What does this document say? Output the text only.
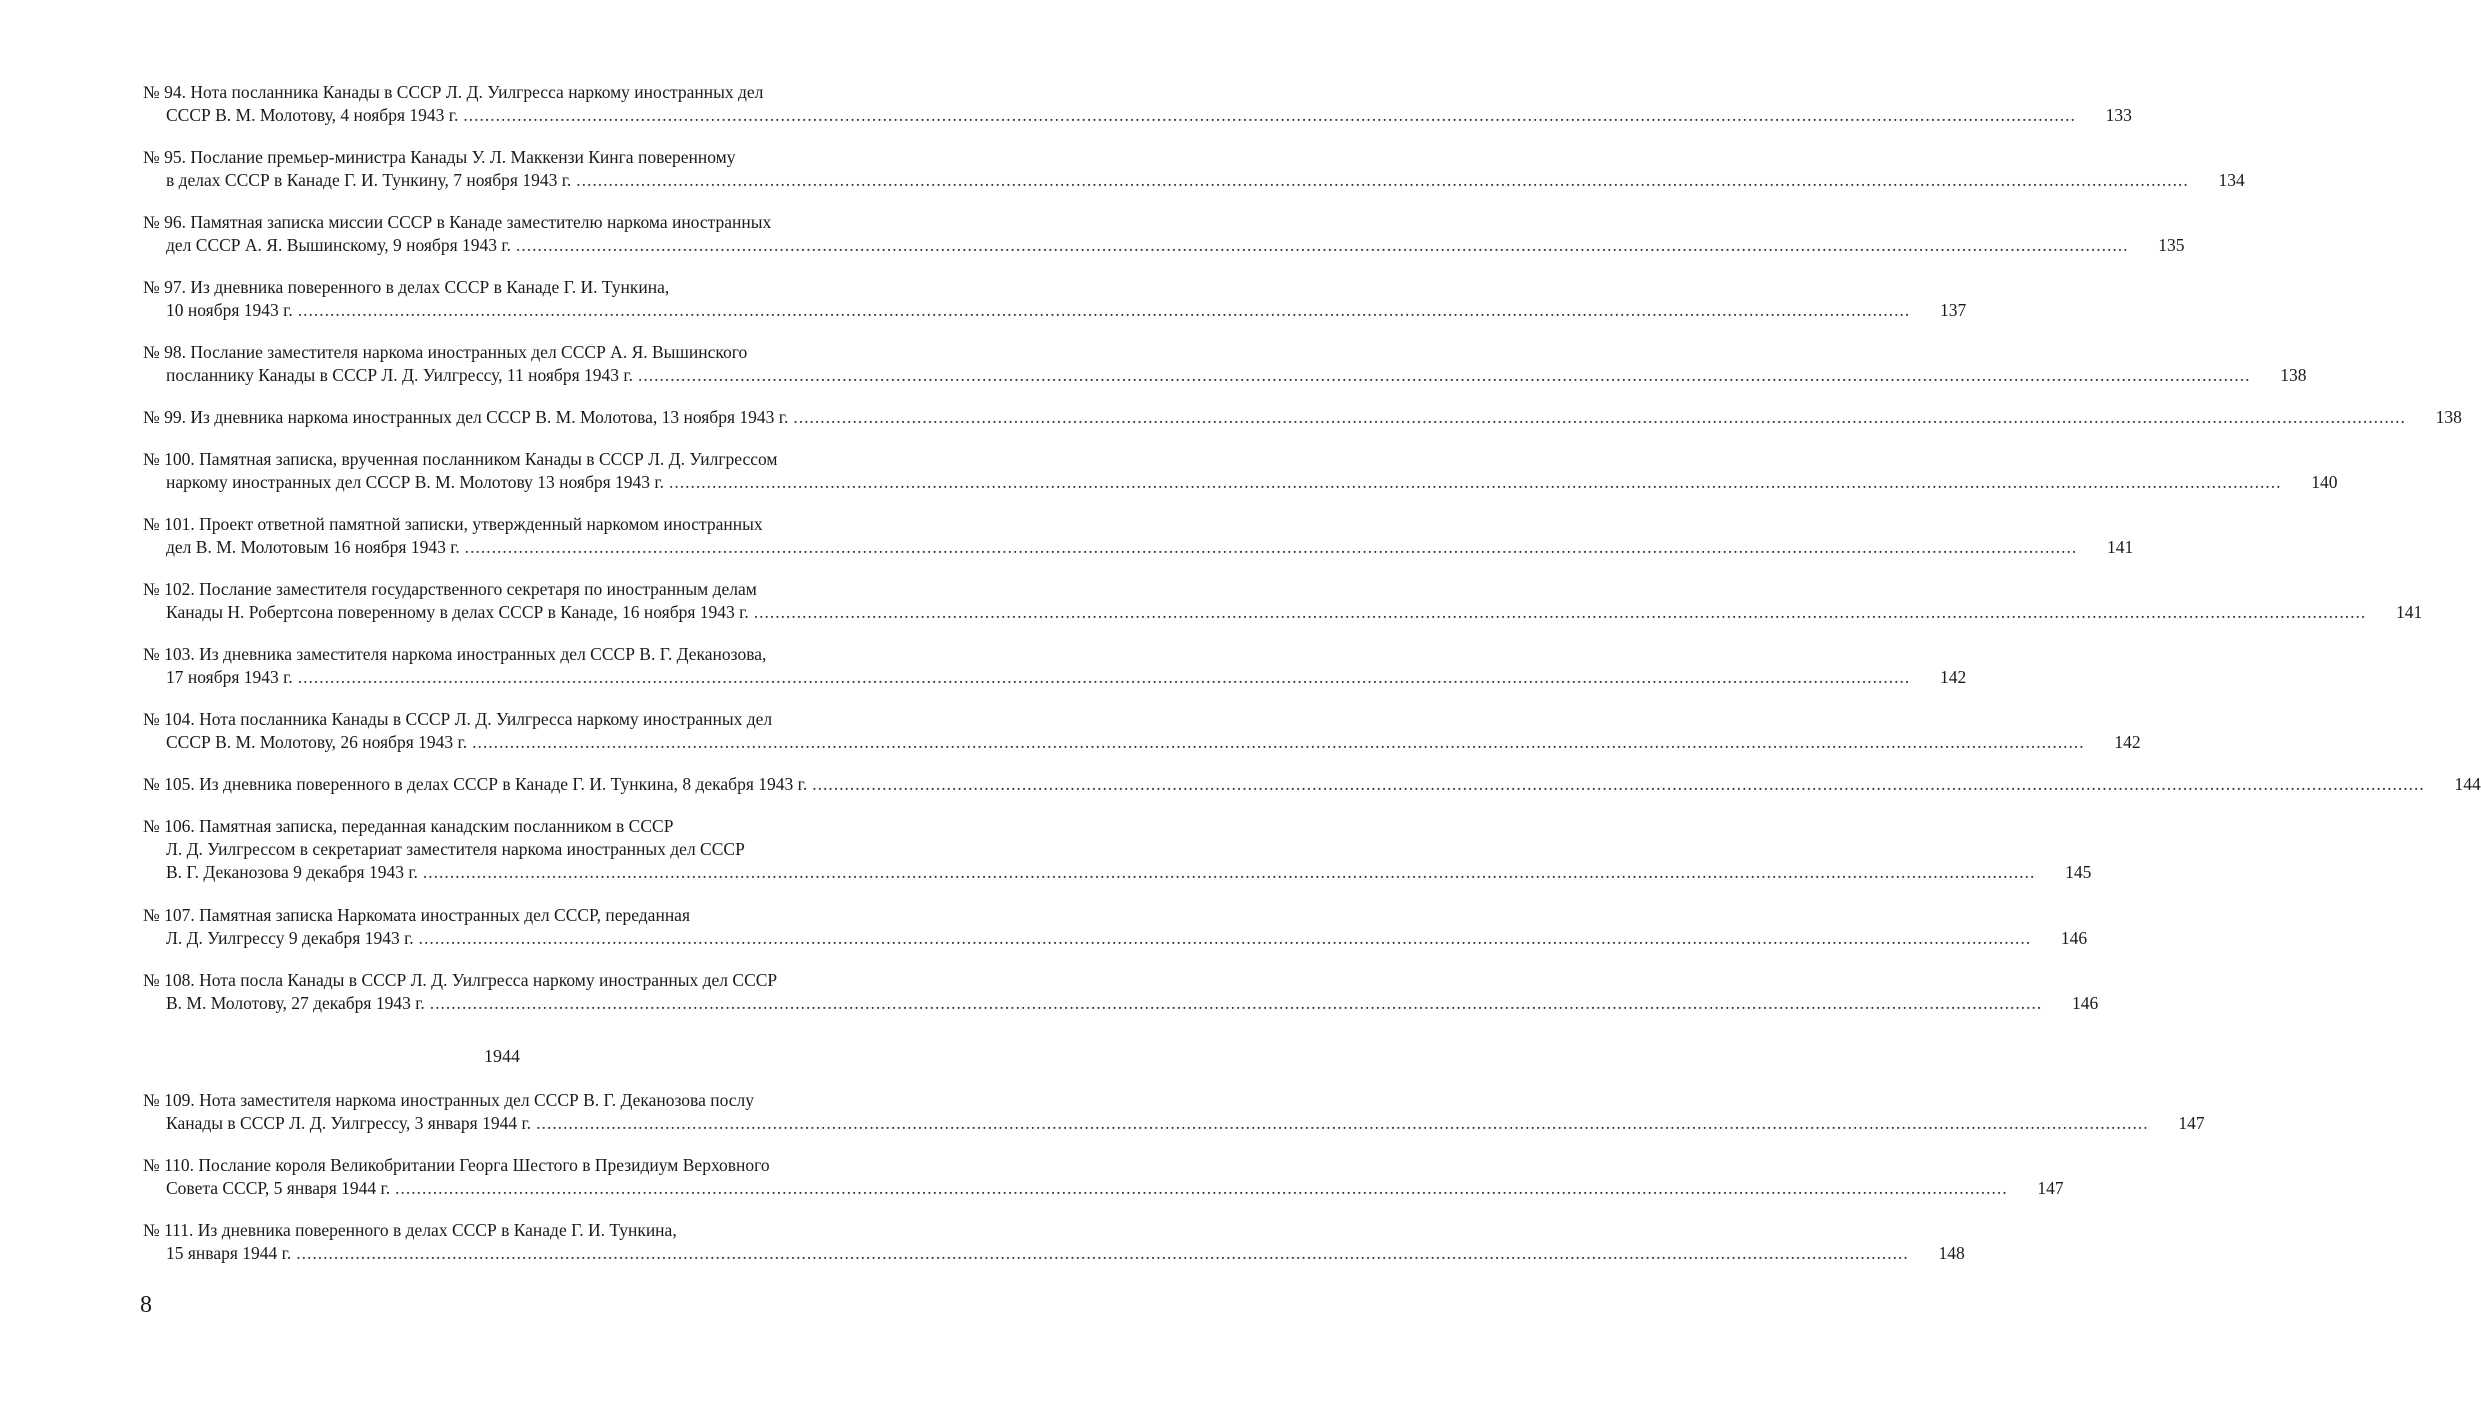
№ 94. Нота посланника Канады в СССР Л. Д. Уилгресса наркому иностранных дел
СССР В. М. Молотову, 4 ноября 1943 г. ............................................................................................................................................................................................................................................................................................................	133
№ 95. Послание премьер-министра Канады У. Л. Маккензи Кинга поверенному
в делах СССР в Канаде Г. И. Тункину, 7 ноября 1943 г. ............................................................................................................................................................................................................................................................................................................	134
№ 96. Памятная записка миссии СССР в Канаде заместителю наркома иностранных
дел СССР А. Я. Вышинскому, 9 ноября 1943 г. ............................................................................................................................................................................................................................................................................................................	135
№ 97. Из дневника поверенного в делах СССР в Канаде Г. И. Тункина,
10 ноября 1943 г. ............................................................................................................................................................................................................................................................................................................	137
№ 98. Послание заместителя наркома иностранных дел СССР А. Я. Вышинского
посланнику Канады в СССР Л. Д. Уилгрессу, 11 ноября 1943 г. ............................................................................................................................................................................................................................................................................................................	138
№ 99. Из дневника наркома иностранных дел СССР В. М. Молотова, 13 ноября 1943 г. ............................................................................................................................................................................................................................................................................................................	138
№ 100. Памятная записка, врученная посланником Канады в СССР Л. Д. Уилгрессом
наркому иностранных дел СССР В. М. Молотову 13 ноября 1943 г. ............................................................................................................................................................................................................................................................................................................	140
№ 101. Проект ответной памятной записки, утвержденный наркомом иностранных
дел В. М. Молотовым 16 ноября 1943 г. ............................................................................................................................................................................................................................................................................................................	141
№ 102. Послание заместителя государственного секретаря по иностранным делам
Канады Н. Робертсона поверенному в делах СССР в Канаде, 16 ноября 1943 г. ............................................................................................................................................................................................................................................................................................................	141
№ 103. Из дневника заместителя наркома иностранных дел СССР В. Г. Деканозова,
17 ноября 1943 г. ............................................................................................................................................................................................................................................................................................................	142
№ 104. Нота посланника Канады в СССР Л. Д. Уилгресса наркому иностранных дел
СССР В. М. Молотову, 26 ноября 1943 г. ............................................................................................................................................................................................................................................................................................................	142
№ 105. Из дневника поверенного в делах СССР в Канаде Г. И. Тункина, 8 декабря 1943 г. ............................................................................................................................................................................................................................................................................................................	144
№ 106. Памятная записка, переданная канадским посланником в СССР
Л. Д. Уилгрессом в секретариат заместителя наркома иностранных дел СССР
В. Г. Деканозова 9 декабря 1943 г. ............................................................................................................................................................................................................................................................................................................	145
№ 107. Памятная записка Наркомата иностранных дел СССР, переданная
Л. Д. Уилгрессу 9 декабря 1943 г. ............................................................................................................................................................................................................................................................................................................	146
№ 108. Нота посла Канады в СССР Л. Д. Уилгресса наркому иностранных дел СССР
В. М. Молотову, 27 декабря 1943 г. ............................................................................................................................................................................................................................................................................................................	146
№ 109. Нота заместителя наркома иностранных дел СССР В. Г. Деканозова послу
Канады в СССР Л. Д. Уилгрессу, 3 января 1944 г. ............................................................................................................................................................................................................................................................................................................	147
№ 110. Послание короля Великобритании Георга Шестого в Президиум Верховного
Совета СССР, 5 января 1944 г. ............................................................................................................................................................................................................................................................................................................	147
№ 111. Из дневника поверенного в делах СССР в Канаде Г. И. Тункина,
15 января 1944 г. ............................................................................................................................................................................................................................................................................................................	148
1944
8
